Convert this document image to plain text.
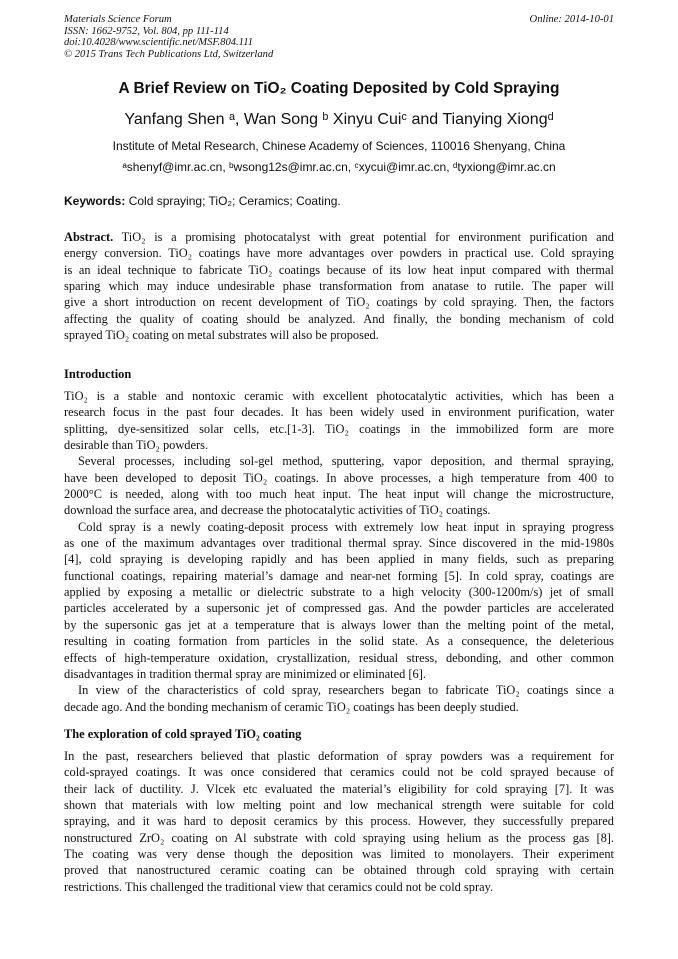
Materials Science Forum
ISSN: 1662-9752, Vol. 804, pp 111-114
doi:10.4028/www.scientific.net/MSF.804.111
© 2015 Trans Tech Publications Ltd, Switzerland
Online: 2014-10-01
A Brief Review on TiO₂ Coating Deposited by Cold Spraying
Yanfang Shen ᵃ, Wan Song ᵇ Xinyu Cuiᶜ and Tianying Xiongᵈ
Institute of Metal Research, Chinese Academy of Sciences, 110016 Shenyang, China
ᵃshenyf@imr.ac.cn, ᵇwsong12s@imr.ac.cn, ᶜxycui@imr.ac.cn, ᵈtyxiong@imr.ac.cn
Keywords: Cold spraying; TiO₂; Ceramics; Coating.
Abstract. TiO₂ is a promising photocatalyst with great potential for environment purification and
energy conversion. TiO₂ coatings have more advantages over powders in practical use. Cold spraying
is an ideal technique to fabricate TiO₂ coatings because of its low heat input compared with thermal
sparing which may induce undesirable phase transformation from anatase to rutile. The paper will
give a short introduction on recent development of TiO₂ coatings by cold spraying. Then, the factors
affecting the quality of coating should be analyzed. And finally, the bonding mechanism of cold
sprayed TiO₂ coating on metal substrates will also be proposed.
Introduction
TiO₂ is a stable and nontoxic ceramic with excellent photocatalytic activities, which has been a
research focus in the past four decades. It has been widely used in environment purification, water
splitting, dye-sensitized solar cells, etc.[1-3]. TiO₂ coatings in the immobilized form are more
desirable than TiO₂ powders.
Several processes, including sol-gel method, sputtering, vapor deposition, and thermal spraying,
have been developed to deposit TiO₂ coatings. In above processes, a high temperature from 400 to
2000°C is needed, along with too much heat input. The heat input will change the microstructure,
download the surface area, and decrease the photocatalytic activities of TiO₂ coatings.
Cold spray is a newly coating-deposit process with extremely low heat input in spraying progress
as one of the maximum advantages over traditional thermal spray. Since discovered in the mid-1980s
[4], cold spraying is developing rapidly and has been applied in many fields, such as preparing
functional coatings, repairing material’s damage and near-net forming [5]. In cold spray, coatings are
applied by exposing a metallic or dielectric substrate to a high velocity (300-1200m/s) jet of small
particles accelerated by a supersonic jet of compressed gas. And the powder particles are accelerated
by the supersonic gas jet at a temperature that is always lower than the melting point of the metal,
resulting in coating formation from particles in the solid state. As a consequence, the deleterious
effects of high-temperature oxidation, crystallization, residual stress, debonding, and other common
disadvantages in tradition thermal spray are minimized or eliminated [6].
In view of the characteristics of cold spray, researchers began to fabricate TiO₂ coatings since a
decade ago. And the bonding mechanism of ceramic TiO₂ coatings has been deeply studied.
The exploration of cold sprayed TiO₂ coating
In the past, researchers believed that plastic deformation of spray powders was a requirement for
cold-sprayed coatings. It was once considered that ceramics could not be cold sprayed because of
their lack of ductility. J. Vlcek etc evaluated the material’s eligibility for cold spraying [7]. It was
shown that materials with low melting point and low mechanical strength were suitable for cold
spraying, and it was hard to deposit ceramics by this process. However, they successfully prepared
nonstructured ZrO₂ coating on Al substrate with cold spraying using helium as the process gas [8].
The coating was very dense though the deposition was limited to monolayers. Their experiment
proved that nanostructured ceramic coating can be obtained through cold spraying with certain
restrictions. This challenged the traditional view that ceramics could not be cold spray.
